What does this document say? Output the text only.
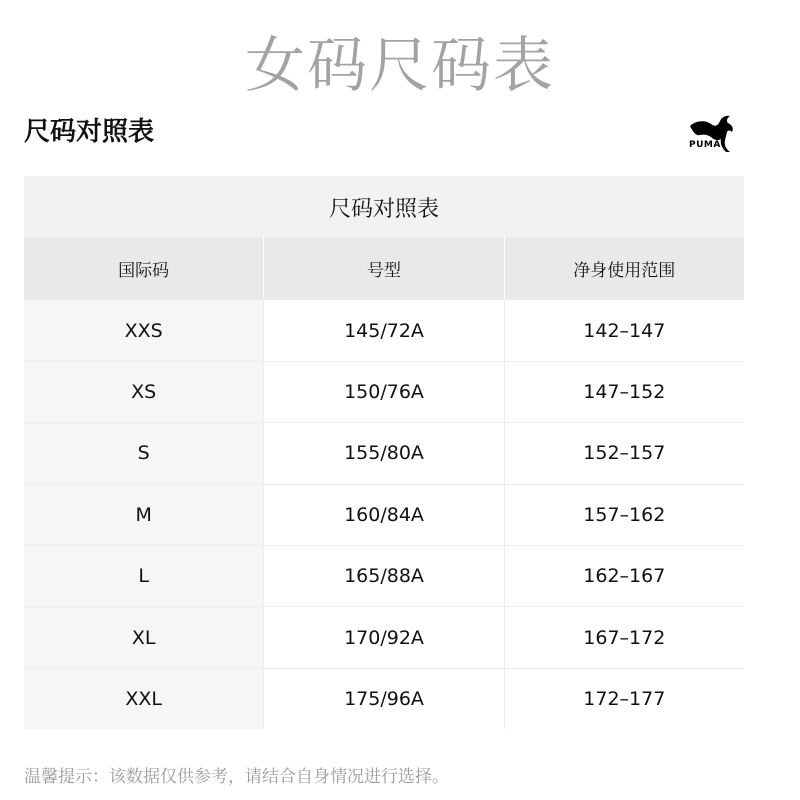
女码尺码表
尺码对照表	PUMA
尺码对照表
国际码	号型	净身使用范围
XXS	145/72A	142–147
XS	150/76A	147–152
S	155/80A	152–157
M	160/84A	157–162
L	165/88A	162–167
XL	170/92A	167–172
XXL	175/96A	172–177
温馨提示：该数据仅供参考，请结合自身情况进行选择。
